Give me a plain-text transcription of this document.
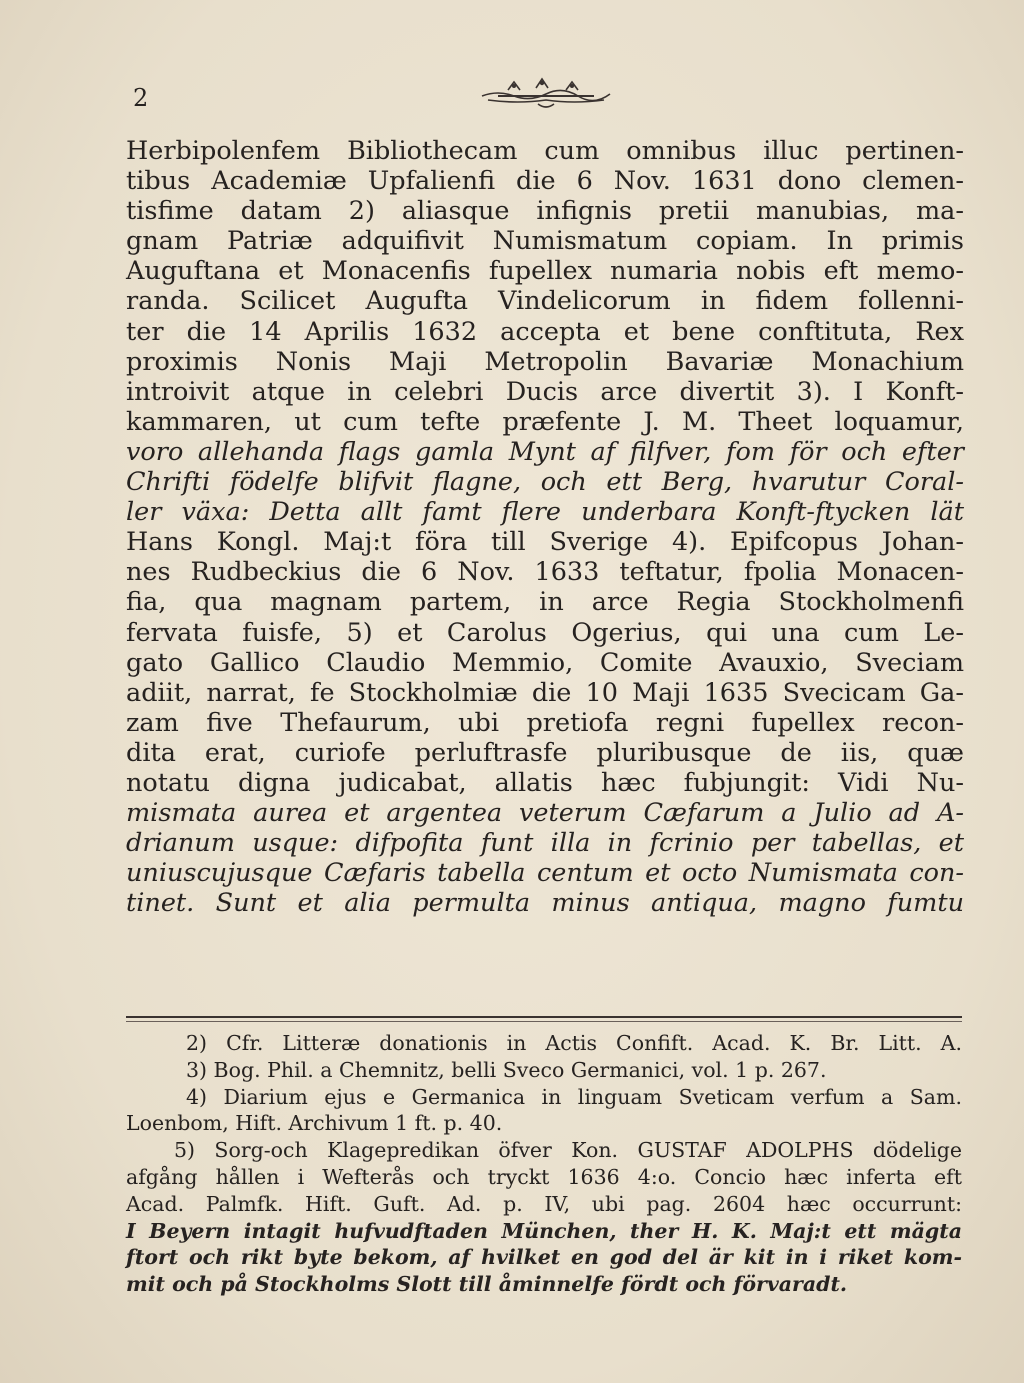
2
Herbipolenfem Bibliothecam cum omnibus illuc pertinen-
tibus Academiæ Upfalienfi die 6 Nov. 1631 dono clemen-
tisfime datam 2) aliasque infignis pretii manubias, ma-
gnam Patriæ adquifivit Numismatum copiam. In primis
Auguftana et Monacenfis fupellex numaria nobis eft memo-
randa. Scilicet Augufta Vindelicorum in fidem follenni-
ter die 14 Aprilis 1632 accepta et bene conftituta, Rex
proximis Nonis Maji Metropolin Bavariæ Monachium
introivit atque in celebri Ducis arce divertit 3). I Konft-
kammaren, ut cum tefte præfente J. M. Theet loquamur,
voro allehanda flags gamla Mynt af filfver, fom för och efter
Chrifti födelfe blifvit flagne, och ett Berg, hvarutur Coral-
ler växa: Detta allt famt flere underbara Konft-ftycken lät
Hans Kongl. Maj:t föra till Sverige 4). Epifcopus Johan-
nes Rudbeckius die 6 Nov. 1633 teftatur, fpolia Monacen-
fia, qua magnam partem, in arce Regia Stockholmenfi
fervata fuisfe, 5) et Carolus Ogerius, qui una cum Le-
gato Gallico Claudio Memmio, Comite Avauxio, Sveciam
adiit, narrat, fe Stockholmiæ die 10 Maji 1635 Svecicam Ga-
zam five Thefaurum, ubi pretiofa regni fupellex recon-
dita erat, curiofe perluftrasfe pluribusque de iis, quæ
notatu digna judicabat, allatis hæc fubjungit: Vidi Nu-
mismata aurea et argentea veterum Cæfarum a Julio ad A-
drianum usque: difpofita funt illa in fcrinio per tabellas, et
uniuscujusque Cæfaris tabella centum et octo Numismata con-
tinet. Sunt et alia permulta minus antiqua, magno fumtu
2) Cfr. Litteræ donationis in Actis Confift. Acad. K. Br. Litt. A.
3) Bog. Phil. a Chemnitz, belli Sveco Germanici, vol. 1 p. 267.
4) Diarium ejus e Germanica in linguam Sveticam verfum a Sam.
Loenbom, Hift. Archivum 1 ft. p. 40.
5) Sorg-och Klagepredikan öfver Kon. GUSTAF ADOLPHS dödelige
afgång hållen i Wefterås och tryckt 1636 4:o. Concio hæc inferta eft
Acad. Palmfk. Hift. Guft. Ad. p. IV, ubi pag. 2604 hæc occurrunt:
I Beyern intagit hufvudftaden München, ther H. K. Maj:t ett mägta
ftort och rikt byte bekom, af hvilket en god del är kit in i riket kom-
mit och på Stockholms Slott till åminnelfe fördt och förvaradt.
